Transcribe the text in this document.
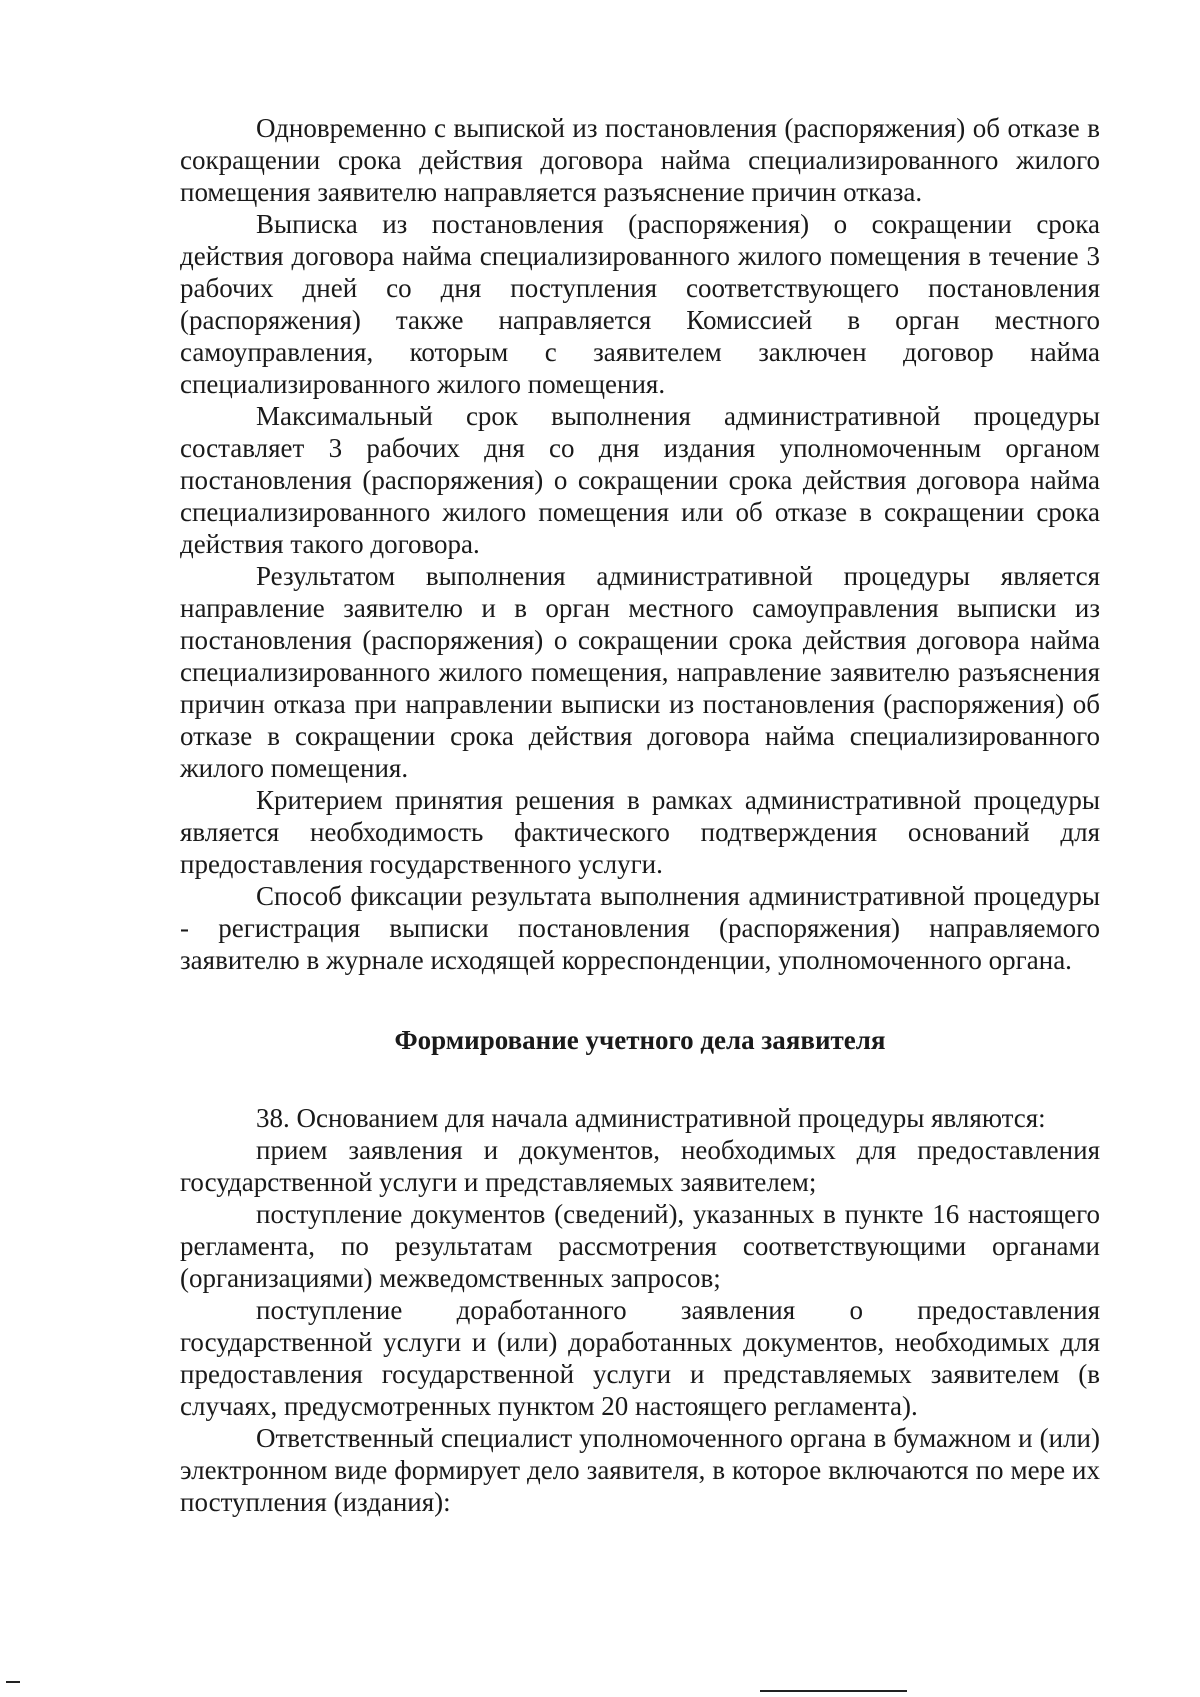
Одновременно с выпиской из постановления (распоряжения) об отказе в сокращении срока действия договора найма специализированного жилого помещения заявителю направляется разъяснение причин отказа.

Выписка из постановления (распоряжения) о сокращении срока действия договора найма специализированного жилого помещения в течение 3 рабочих дней со дня поступления соответствующего постановления (распоряжения) также направляется Комиссией в орган местного самоуправления, которым с заявителем заключен договор найма специализированного жилого помещения.

Максимальный срок выполнения административной процедуры составляет 3 рабочих дня со дня издания уполномоченным органом постановления (распоряжения) о сокращении срока действия договора найма специализированного жилого помещения или об отказе в сокращении срока действия такого договора.

Результатом выполнения административной процедуры является направление заявителю и в орган местного самоуправления выписки из постановления (распоряжения) о сокращении срока действия договора найма специализированного жилого помещения, направление заявителю разъяснения причин отказа при направлении выписки из постановления (распоряжения) об отказе в сокращении срока действия договора найма специализированного жилого помещения.

Критерием принятия решения в рамках административной процедуры является необходимость фактического подтверждения оснований для предоставления государственного услуги.

Способ фиксации результата выполнения административной процедуры - регистрация выписки постановления (распоряжения) направляемого заявителю в журнале исходящей корреспонденции, уполномоченного органа.

Формирование учетного дела заявителя

38. Основанием для начала административной процедуры являются:

прием заявления и документов, необходимых для предоставления государственной услуги и представляемых заявителем;

поступление документов (сведений), указанных в пункте 16 настоящего регламента, по результатам рассмотрения соответствующими органами (организациями) межведомственных запросов;

поступление доработанного заявления о предоставления государственной услуги и (или) доработанных документов, необходимых для предоставления государственной услуги и представляемых заявителем (в случаях, предусмотренных пунктом 20 настоящего регламента).

Ответственный специалист уполномоченного органа в бумажном и (или) электронном виде формирует дело заявителя, в которое включаются по мере их поступления (издания):
